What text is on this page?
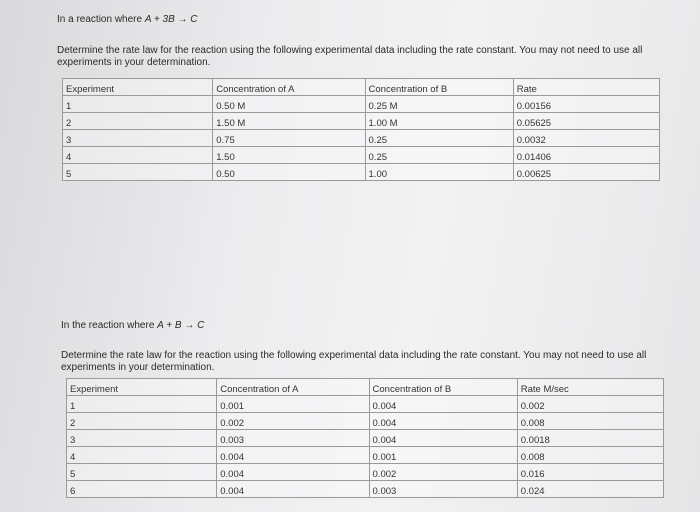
In a reaction where A + 3B → C
Determine the rate law for the reaction using the following experimental data including the rate constant. You may not need to use all experiments in your determination.
Experiment	Concentration of A	Concentration of B	Rate
1	0.50 M	0.25 M	0.00156
2	1.50 M	1.00 M	0.05625
3	0.75	0.25	0.0032
4	1.50	0.25	0.01406
5	0.50	1.00	0.00625
In the reaction where A + B → C
Determine the rate law for the reaction using the following experimental data including the rate constant. You may not need to use all experiments in your determination.
Experiment	Concentration of A	Concentration of B	Rate M/sec
1	0.001	0.004	0.002
2	0.002	0.004	0.008
3	0.003	0.004	0.0018
4	0.004	0.001	0.008
5	0.004	0.002	0.016
6	0.004	0.003	0.024
